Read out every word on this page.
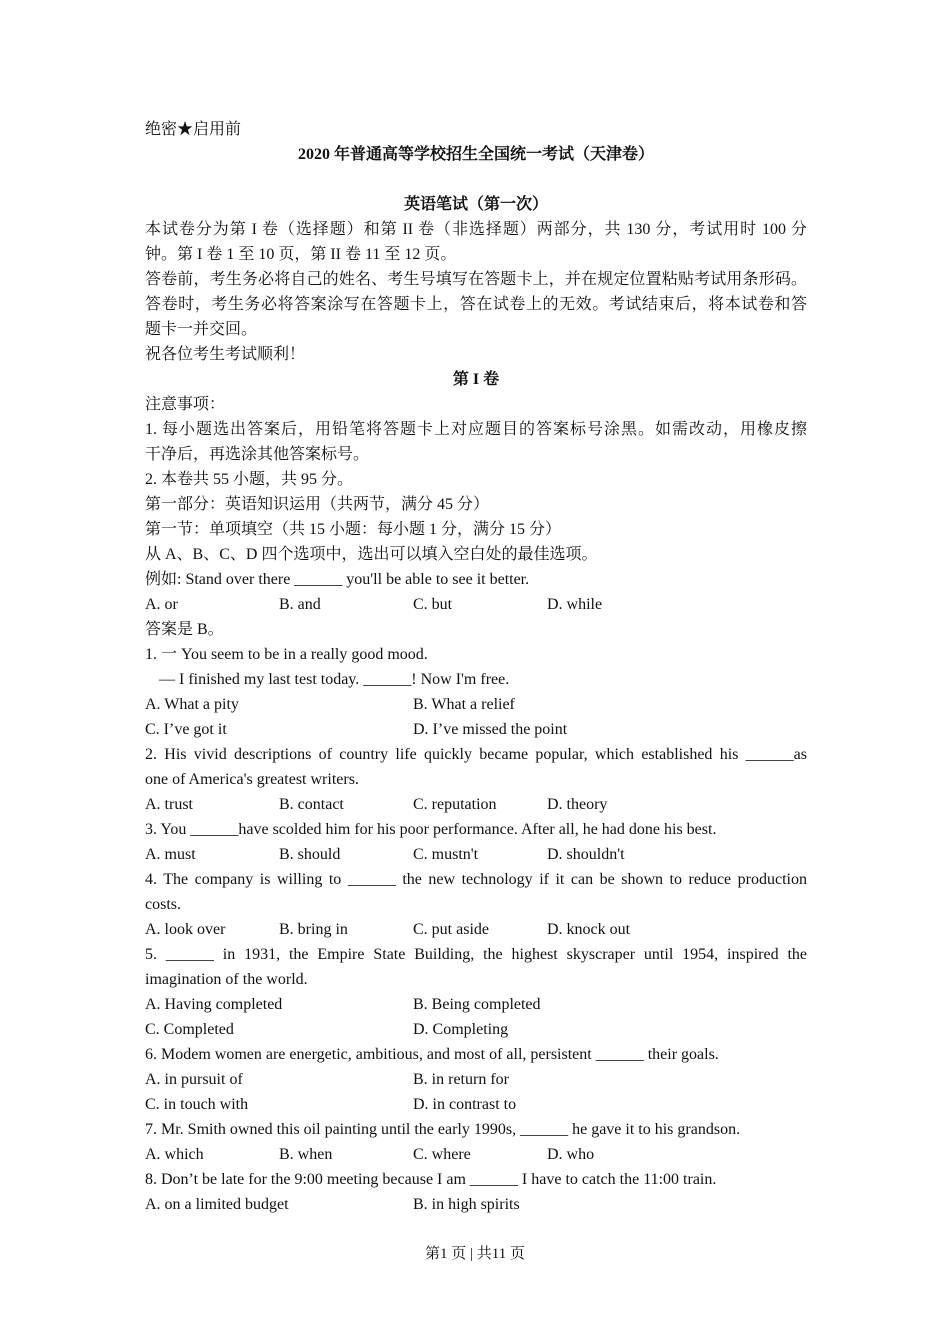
绝密★启用前
2020 年普通高等学校招生全国统一考试（天津卷）
英语笔试（第一次）
本试卷分为第 I 卷（选择题）和第 II 卷（非选择题）两部分，共 130 分，考试用时 100 分
钟。第 I 卷 1 至 10 页，第 II 卷 11 至 12 页。
答卷前，考生务必将自己的姓名、考生号填写在答题卡上，并在规定位置粘贴考试用条形码。
答卷时，考生务必将答案涂写在答题卡上，答在试卷上的无效。考试结束后，将本试卷和答
题卡一并交回。
祝各位考生考试顺利！
第 I 卷
注意事项：
1. 每小题选出答案后，用铅笔将答题卡上对应题目的答案标号涂黑。如需改动，用橡皮擦
干净后，再选涂其他答案标号。
2. 本卷共 55 小题，共 95 分。
第一部分：英语知识运用（共两节，满分 45 分）
第一节：单项填空（共 15 小题：每小题 1 分，满分 15 分）
从 A、B、C、D 四个选项中，选出可以填入空白处的最佳选项。
例如: Stand over there ______ you'll be able to see it better.
A. or	B. and	C. but	D. while
答案是 B。
1. 一 You seem to be in a really good mood.
— I finished my last test today. ______! Now I'm free.
A. What a pity	B. What a relief
C. I’ve got it	D. I’ve missed the point
2. His vivid descriptions of country life quickly became popular, which established his ______as
one of America's greatest writers.
A. trust	B. contact	C. reputation	D. theory
3. You ______have scolded him for his poor performance. After all, he had done his best.
A. must	B. should	C. mustn't	D. shouldn't
4. The company is willing to ______ the new technology if it can be shown to reduce production
costs.
A. look over	B. bring in	C. put aside	D. knock out
5. ______ in 1931, the Empire State Building, the highest skyscraper until 1954, inspired the
imagination of the world.
A. Having completed	B. Being completed
C. Completed	D. Completing
6. Modem women are energetic, ambitious, and most of all, persistent ______ their goals.
A. in pursuit of	B. in return for
C. in touch with	D. in contrast to
7. Mr. Smith owned this oil painting until the early 1990s, ______ he gave it to his grandson.
A. which	B. when	C. where	D. who
8. Don’t be late for the 9:00 meeting because I am ______ I have to catch the 11:00 train.
A. on a limited budget	B. in high spirits
第1 页 | 共11 页
